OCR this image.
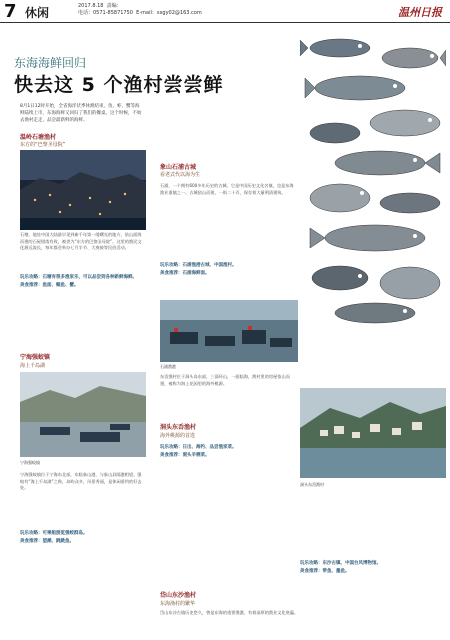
7 休闲	2017.8.18 责编：
电话：0571-85871750 E-mail：sxgy02@163.com	温州日报
东海海鲜回归
快去这 5 个渔村尝尝鲜
8月1日12时开始，全省海洋伏季休渔结束，鱼、虾、蟹等海鲜陆续上市，东海海鲜又回归了我们的餐桌。这个时候，不妨去渔村走走，品尝最新鲜的海鲜。
温岭石塘渔村
东方的“巴黎圣母院”
石塘，地处中国大陆最早见到新千年第一缕曙光的地方，依山面海而建的石屋错落有致，被誉为“东方的巴黎圣母院”。这里的渔民文化源远流长，每年都会举办七月半节、大奏鼓等民俗活动。
玩乐攻略：石塘有很多渔家乐，可以品尝到各种新鲜海鲜。
美食推荐：鱼面、鲳鱼、蟹。
宁海强蛟镇
海上千岛湖
宁海强蛟镇
宁海强蛟镇位于宁海东北部，东临象山港，与象山县隔港相望。强蛟有“海上千岛湖”之称，岛屿众多，风景秀丽，是休闲垂钓的好去处。
玩乐攻略：可乘船游览强蛟群岛。
美食推荐：望潮、跳跳鱼。
象山石浦古城
看老式代以海为生
石浦，一个拥有600多年历史的古城。它是中国历史文化名镇，也是东海渔业重镇之一。古城依山而建，一街二十弄，保存着大量明清建筑。
玩乐攻略：石浦渔港古城、中国渔村。
美食推荐：石浦海鲜面。
石浦渔港
东岙渔村位于洞头岛东部，三面环山，一面临海，渔村里的房屋依山而建，被称为海上花园里的海外桃源。
洞头东岙渔村
海外桃源的首选
玩乐攻略：日出、海钓、品尝渔家菜。
美食推荐：洞头羊栖菜。
岱山东沙渔村
东海渔村的繁华
岱山东沙古镇历史悠久，曾是东海的重要渔港，有着深厚的渔业文化底蕴。
洞头东岙渔村
玩乐攻略：东沙古镇、中国台风博物馆。
美食推荐：带鱼、墨鱼。
